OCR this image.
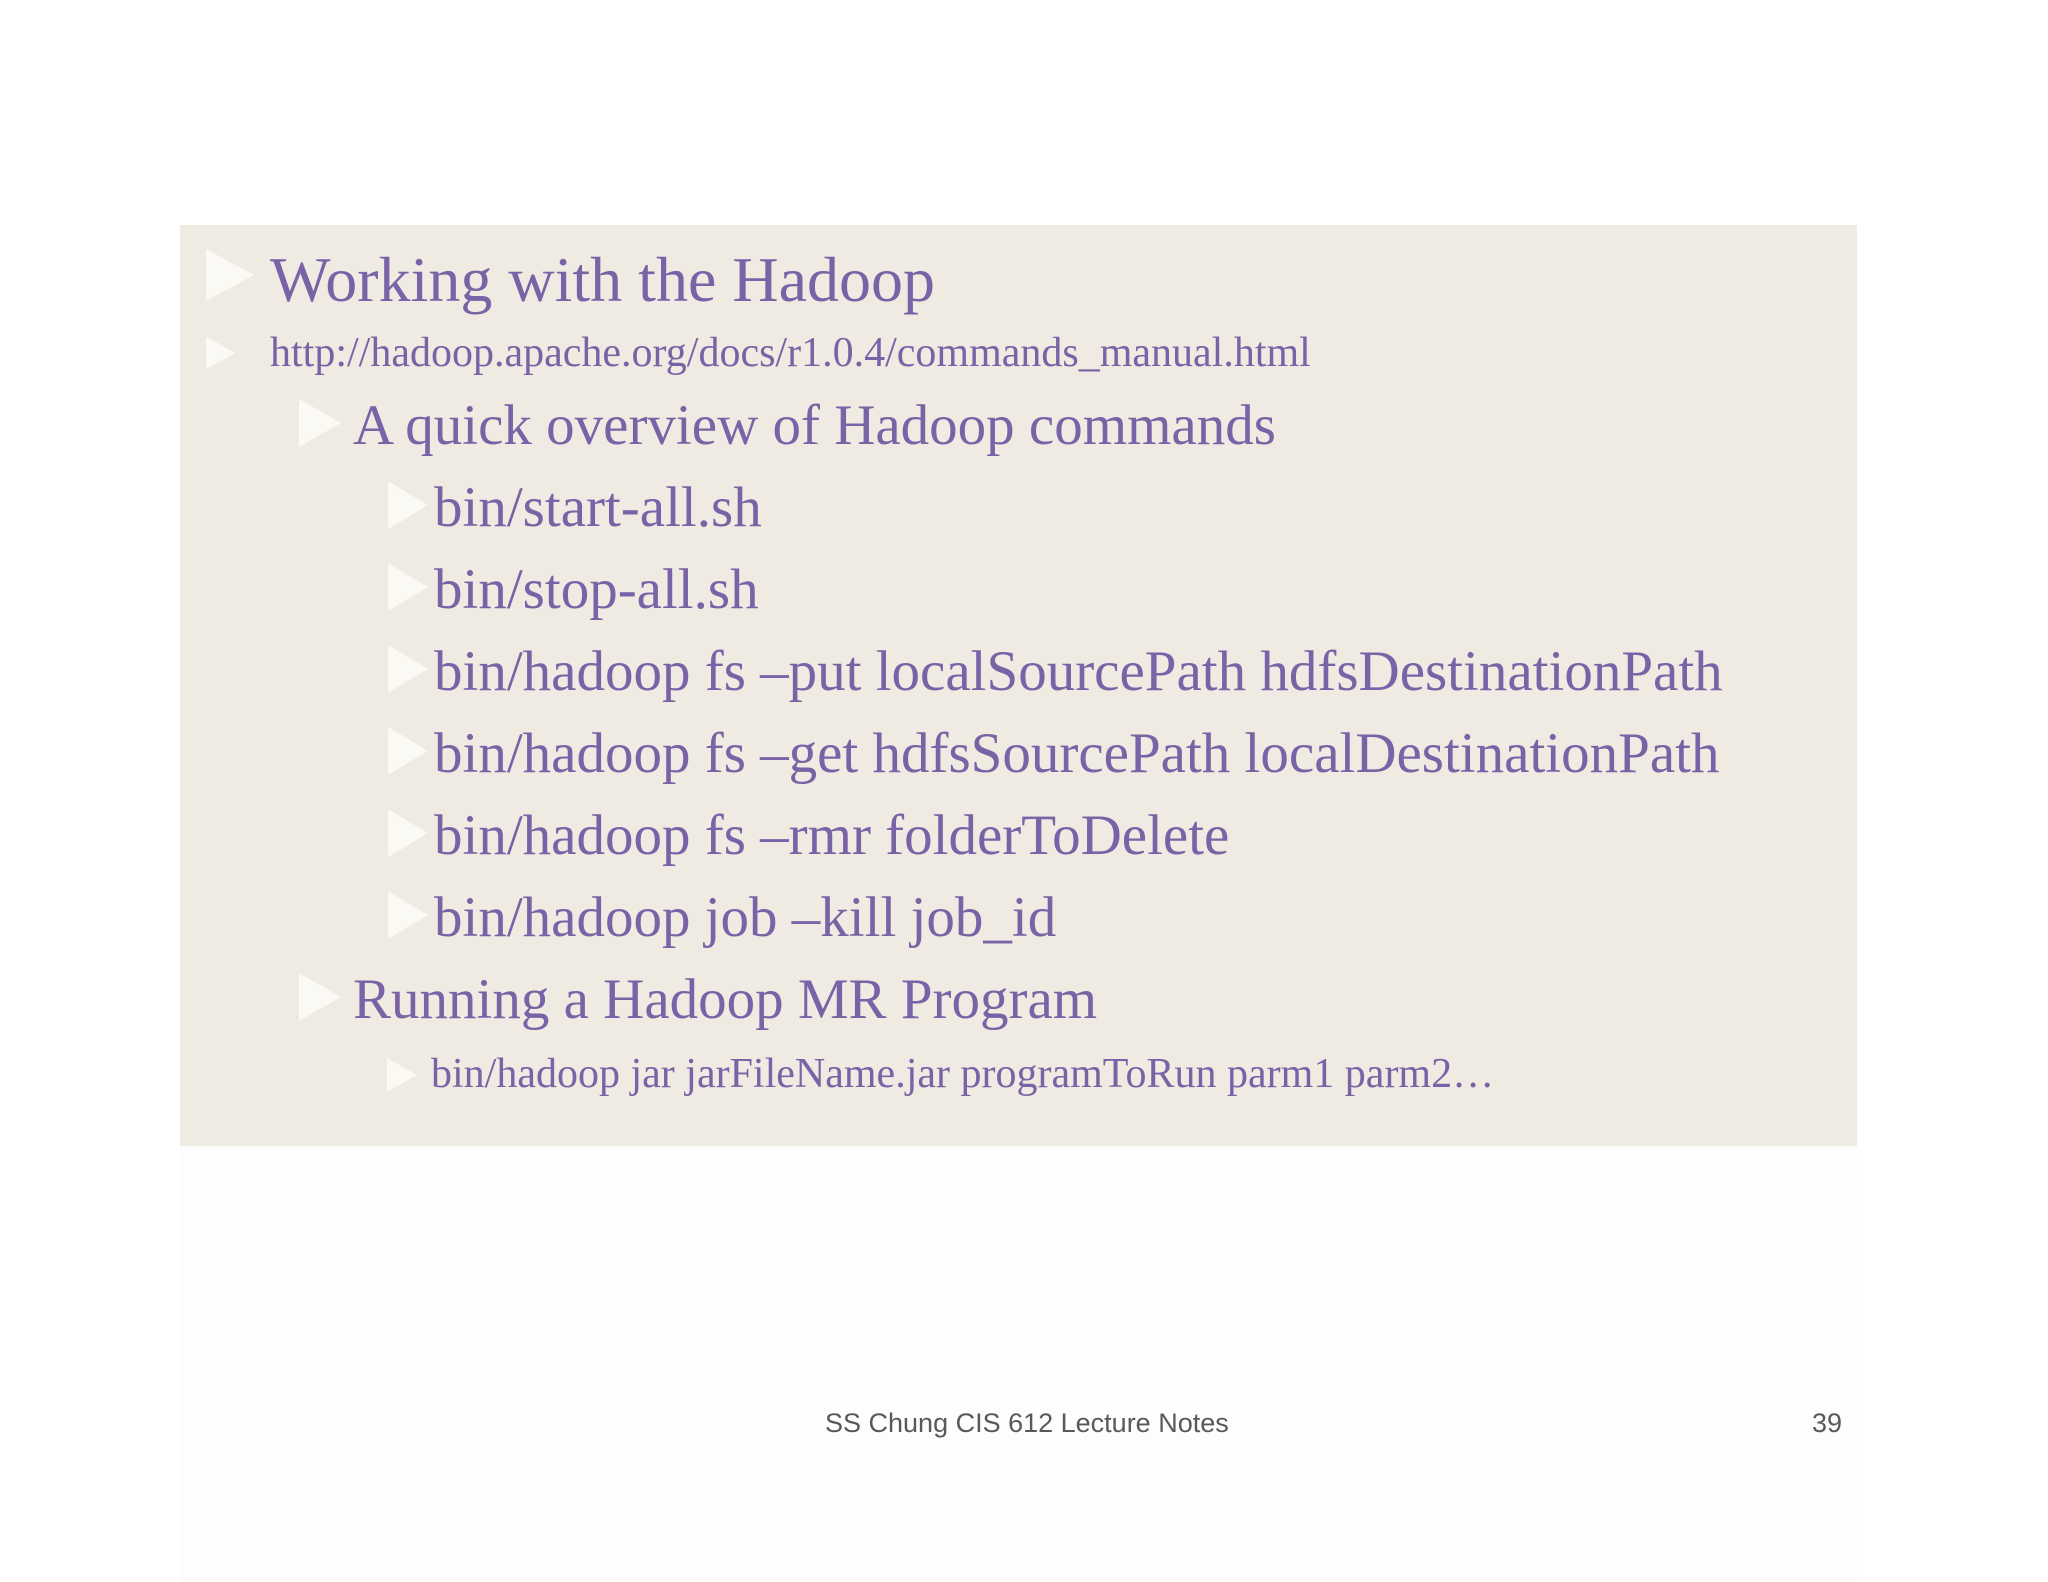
Working with the Hadoop
http://hadoop.apache.org/docs/r1.0.4/commands_manual.html
A quick overview of Hadoop commands
bin/start-all.sh
bin/stop-all.sh
bin/hadoop fs –put localSourcePath hdfsDestinationPath
bin/hadoop fs –get hdfsSourcePath localDestinationPath
bin/hadoop fs –rmr folderToDelete
bin/hadoop job –kill job_id
Running a Hadoop MR Program
bin/hadoop jar jarFileName.jar programToRun parm1 parm2…
SS Chung CIS 612 Lecture Notes	39
